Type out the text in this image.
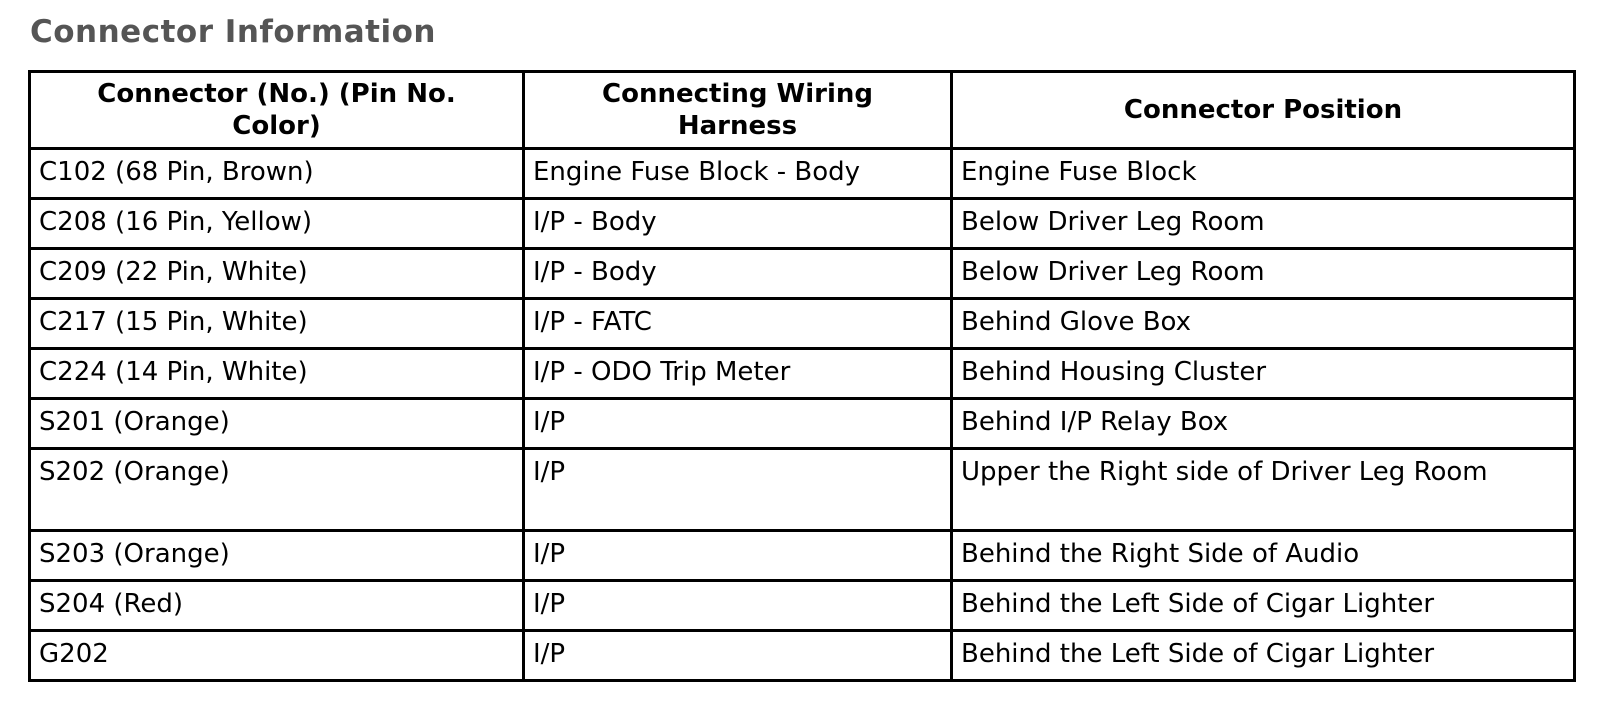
Connector Information
Connector (No.) (Pin No. Color)	Connecting Wiring Harness	Connector Position
C102 (68 Pin, Brown)	Engine Fuse Block - Body	Engine Fuse Block
C208 (16 Pin, Yellow)	I/P - Body	Below Driver Leg Room
C209 (22 Pin, White)	I/P - Body	Below Driver Leg Room
C217 (15 Pin, White)	I/P - FATC	Behind Glove Box
C224 (14 Pin, White)	I/P - ODO Trip Meter	Behind Housing Cluster
S201 (Orange)	I/P	Behind I/P Relay Box
S202 (Orange)	I/P	Upper the Right side of Driver Leg Room
S203 (Orange)	I/P	Behind the Right Side of Audio
S204 (Red)	I/P	Behind the Left Side of Cigar Lighter
G202	I/P	Behind the Left Side of Cigar Lighter
